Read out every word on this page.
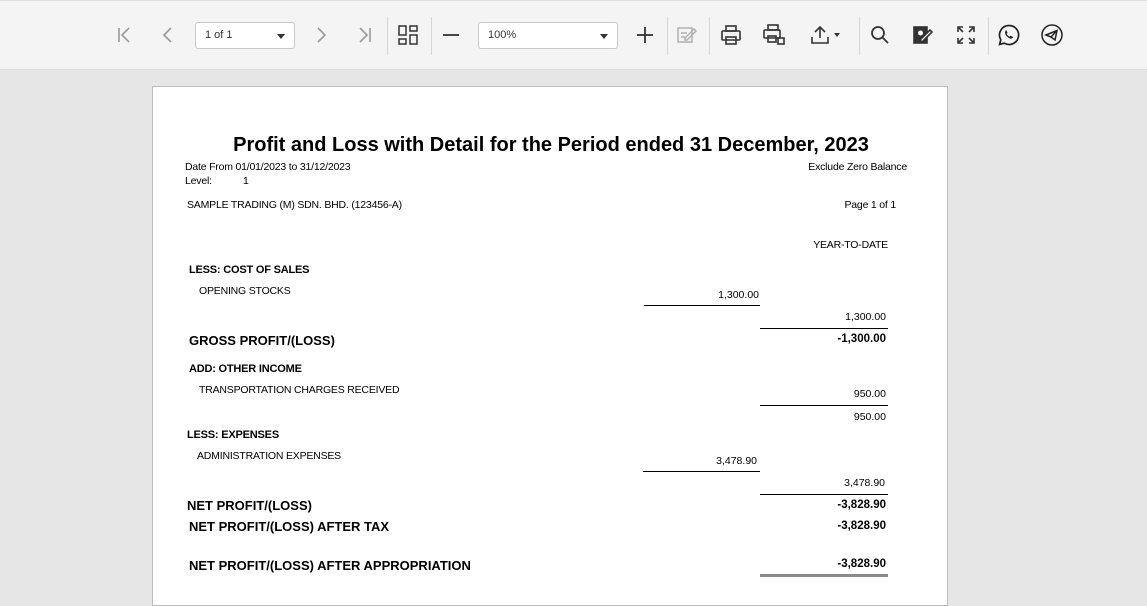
1 of 1	100%
Profit and Loss with Detail for the Period ended 31 December, 2023
Date From 01/01/2023 to 31/12/2023
Level:	1
Exclude Zero Balance
SAMPLE TRADING (M) SDN. BHD. (123456-A)	Page 1 of 1
YEAR-TO-DATE
LESS: COST OF SALES
OPENING STOCKS	1,300.00
1,300.00
GROSS PROFIT/(LOSS)	-1,300.00
ADD: OTHER INCOME
TRANSPORTATION CHARGES RECEIVED	950.00
950.00
LESS: EXPENSES
ADMINISTRATION EXPENSES	3,478.90
3,478.90
NET PROFIT/(LOSS)	-3,828.90
NET PROFIT/(LOSS) AFTER TAX	-3,828.90
NET PROFIT/(LOSS) AFTER APPROPRIATION	-3,828.90
